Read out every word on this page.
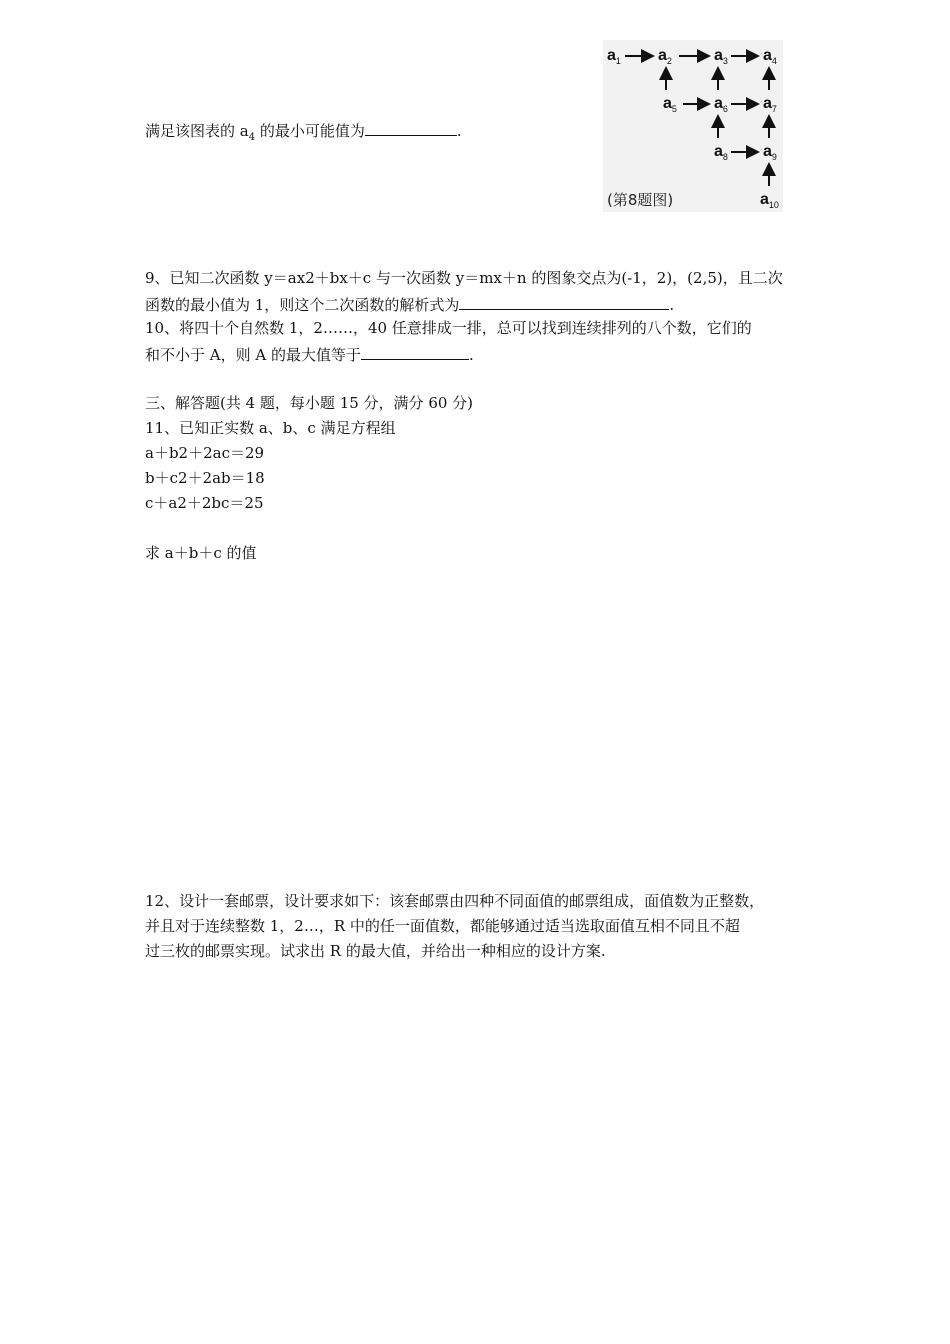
满足该图表的 $a_4$ 的最小可能值为	.
$a_1$ $a_2$	$a_3$ $a_4$
$a_5$ $a_6$ $a_7$
$a_8$ $a_9$
$a_{10}$
(第8题图)
9、已知二次函数 y＝ax2＋bx＋c 与一次函数 y＝mx＋n 的图象交点为(-1，2)，(2,5)，且二次
函数的最小值为 1，则这个二次函数的解析式为	.
10、将四十个自然数 1，2……，40 任意排成一排，总可以找到连续排列的八个数，它们的
和不小于 A，则 A 的最大值等于	.
三、解答题(共 4 题，每小题 15 分，满分 60 分)
11、已知正实数 a、b、c 满足方程组
a＋b2＋2ac＝29
b＋c2＋2ab＝18
c＋a2＋2bc＝25
求 a＋b＋c 的值
12、设计一套邮票，设计要求如下：该套邮票由四种不同面值的邮票组成，面值数为正整数，
并且对于连续整数 1，2…，R 中的任一面值数，都能够通过适当选取面值互相不同且不超
过三枚的邮票实现。试求出 R 的最大值，并给出一种相应的设计方案.
